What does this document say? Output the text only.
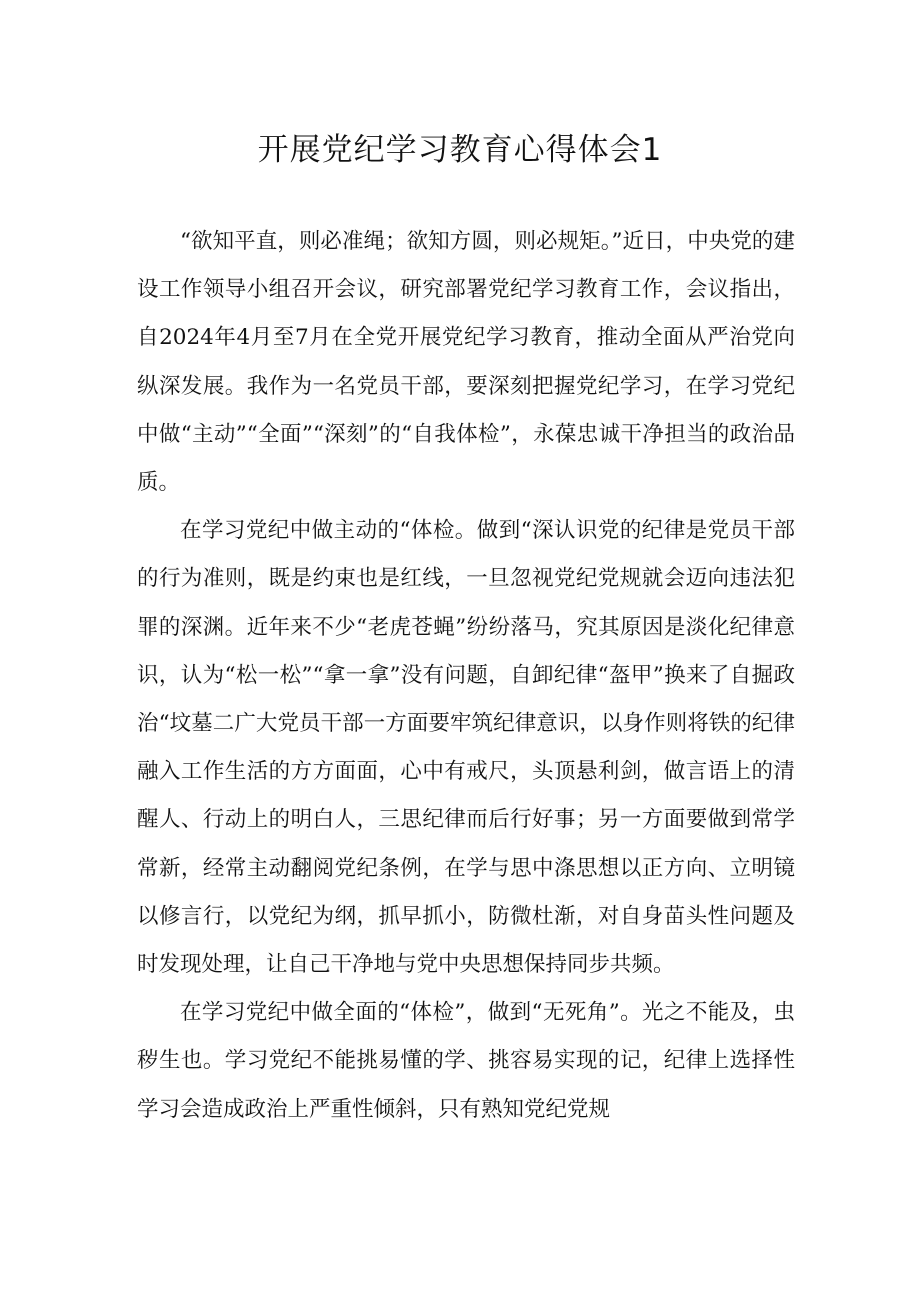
开展党纪学习教育心得体会1

“欲知平直，则必准绳；欲知方圆，则必规矩。”近日，中央党的建设工作领导小组召开会议，研究部署党纪学习教育工作，会议指出，自2024年4月至7月在全党开展党纪学习教育，推动全面从严治党向纵深发展。我作为一名党员干部，要深刻把握党纪学习，在学习党纪中做“主动”“全面”“深刻”的“自我体检”，永葆忠诚干净担当的政治品质。

在学习党纪中做主动的“体检。做到“深认识党的纪律是党员干部的行为准则，既是约束也是红线，一旦忽视党纪党规就会迈向违法犯罪的深渊。近年来不少“老虎苍蝇”纷纷落马，究其原因是淡化纪律意识，认为“松一松”“拿一拿”没有问题，自卸纪律“盔甲”换来了自掘政治“坟墓二广大党员干部一方面要牢筑纪律意识，以身作则将铁的纪律融入工作生活的方方面面，心中有戒尺，头顶悬利剑，做言语上的清醒人、行动上的明白人，三思纪律而后行好事；另一方面要做到常学常新，经常主动翻阅党纪条例，在学与思中涤思想以正方向、立明镜以修言行，以党纪为纲，抓早抓小，防微杜渐，对自身苗头性问题及时发现处理，让自己干净地与党中央思想保持同步共频。

在学习党纪中做全面的“体检”，做到“无死角”。光之不能及，虫秽生也。学习党纪不能挑易懂的学、挑容易实现的记，纪律上选择性学习会造成政治上严重性倾斜，只有熟知党纪党规
